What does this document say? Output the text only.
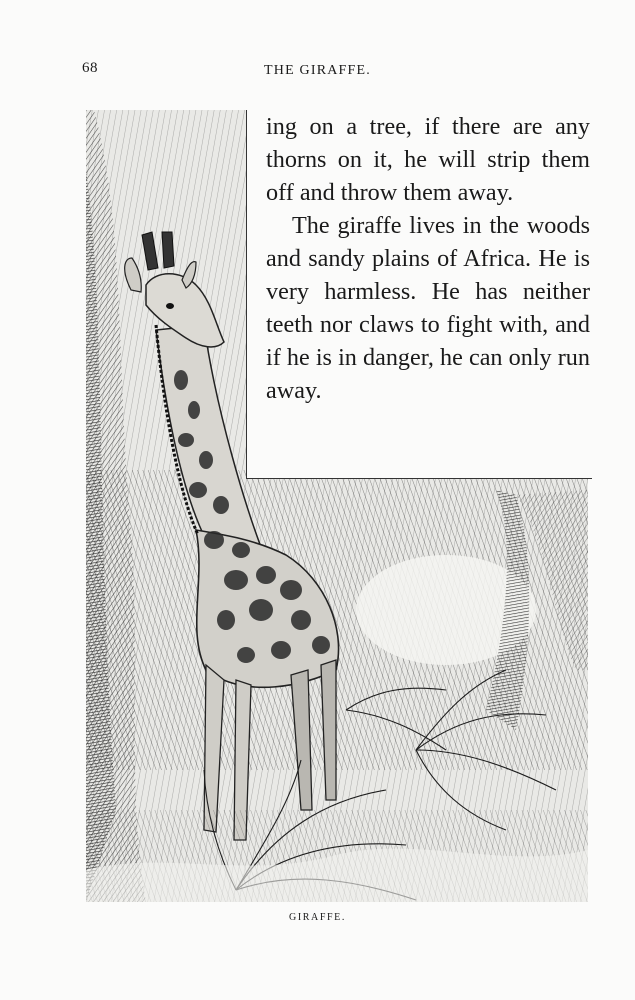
68	THE GIRAFFE.

ing on a tree, if there are any thorns on it, he will strip them off and throw them away.

The giraffe lives in the woods and sandy plains of Africa. He is very harmless. He has neither teeth nor claws to fight with, and if he is in danger, he can only run away.

GIRAFFE.
